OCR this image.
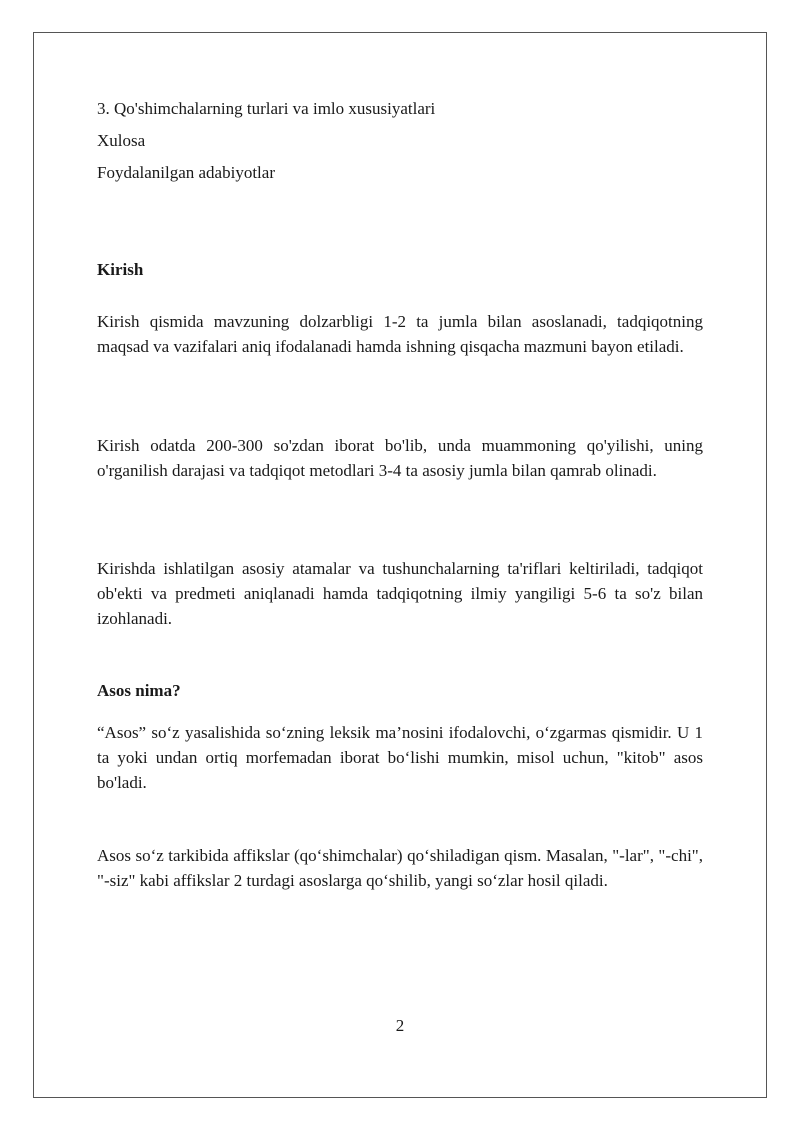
3. Qo'shimchalarning turlari va imlo xususiyatlari
Xulosa
Foydalanilgan adabiyotlar
Kirish

Kirish qismida mavzuning dolzarbligi 1-2 ta jumla bilan asoslanadi, tadqiqotning maqsad va vazifalari aniq ifodalanadi hamda ishning qisqacha mazmuni bayon etiladi.

Kirish odatda 200-300 so'zdan iborat bo'lib, unda muammoning qo'yilishi, uning o'rganilish darajasi va tadqiqot metodlari 3-4 ta asosiy jumla bilan qamrab olinadi.

Kirishda ishlatilgan asosiy atamalar va tushunchalarning ta'riflari keltiriladi, tadqiqot ob'ekti va predmeti aniqlanadi hamda tadqiqotning ilmiy yangiligi 5-6 ta so'z bilan izohlanadi.

Asos nima?

“Asos” so‘z yasalishida so‘zning leksik ma’nosini ifodalovchi, o‘zgarmas qismidir. U 1 ta yoki undan ortiq morfemadan iborat bo‘lishi mumkin, misol uchun, "kitob" asos bo'ladi.

Asos so‘z tarkibida affikslar (qo‘shimchalar) qo‘shiladigan qism. Masalan, "-lar", "-chi", "-siz" kabi affikslar 2 turdagi asoslarga qo‘shilib, yangi so‘zlar hosil qiladi.

2
